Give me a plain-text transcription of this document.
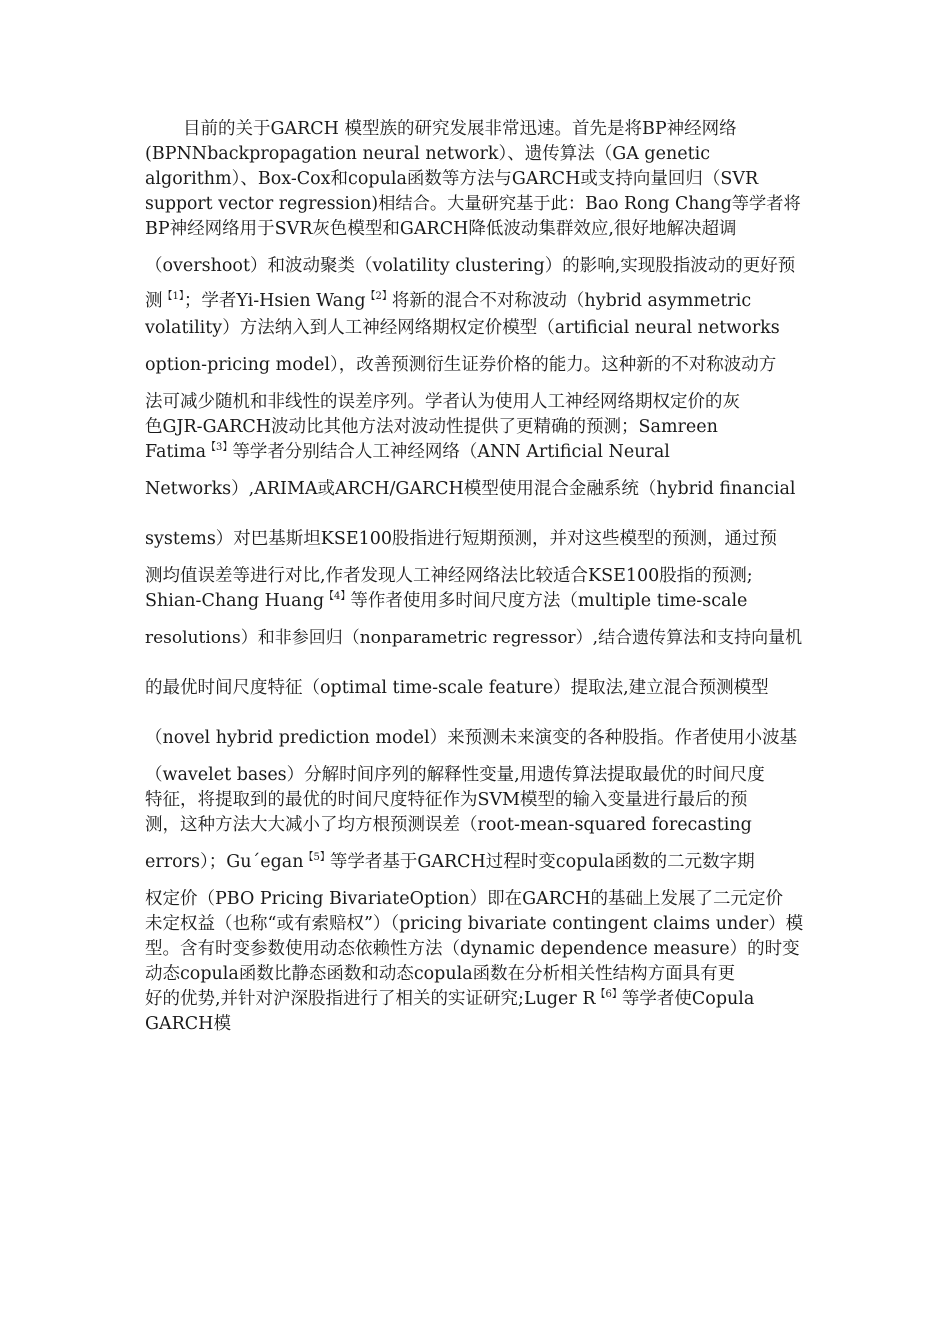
目前的关于GARCH 模型族的研究发展非常迅速。首先是将BP神经网络
(BPNNbackpropagation neural network）、遗传算法（GA genetic
algorithm）、Box-Cox和copula函数等方法与GARCH或支持向量回归（SVR
support vector regression)相结合。大量研究基于此：Bao Rong Chang等学者将
BP神经网络用于SVR灰色模型和GARCH降低波动集群效应,很好地解决超调
（overshoot）和波动聚类（volatility clustering）的影响,实现股指波动的更好预
测$^{【1】}$；学者Yi-Hsien Wang$^{【2】}$将新的混合不对称波动（hybrid asymmetric
volatility）方法纳入到人工神经网络期权定价模型（artificial neural networks
option-pricing model），改善预测衍生证券价格的能力。这种新的不对称波动方
法可减少随机和非线性的误差序列。学者认为使用人工神经网络期权定价的灰
色GJR-GARCH波动比其他方法对波动性提供了更精确的预测；Samreen
Fatima$^{【3】}$等学者分别结合人工神经网络（ANN Artificial Neural
Networks）,ARIMA或ARCH/GARCH模型使用混合金融系统（hybrid financial
systems）对巴基斯坦KSE100股指进行短期预测，并对这些模型的预测，通过预
测均值误差等进行对比,作者发现人工神经网络法比较适合KSE100股指的预测;
Shian-Chang Huang$^{【4】}$等作者使用多时间尺度方法（multiple time-scale
resolutions）和非参回归（nonparametric regressor）,结合遗传算法和支持向量机
的最优时间尺度特征（optimal time-scale feature）提取法,建立混合预测模型
（novel hybrid prediction model）来预测未来演变的各种股指。作者使用小波基
（wavelet bases）分解时间序列的解释性变量,用遗传算法提取最优的时间尺度
特征，将提取到的最优的时间尺度特征作为SVM模型的输入变量进行最后的预
测，这种方法大大减小了均方根预测误差（root-mean-squared forecasting
errors）；Gu´egan$^{【5】}$等学者基于GARCH过程时变copula函数的二元数字期
权定价（PBO Pricing BivariateOption）即在GARCH的基础上发展了二元定价
未定权益（也称“或有索赔权”）（pricing bivariate contingent claims under）模
型。含有时变参数使用动态依赖性方法（dynamic dependence measure）的时变
动态copula函数比静态函数和动态copula函数在分析相关性结构方面具有更
好的优势,并针对沪深股指进行了相关的实证研究;Luger $R^{【6】}$等学者使Copula
GARCH模
